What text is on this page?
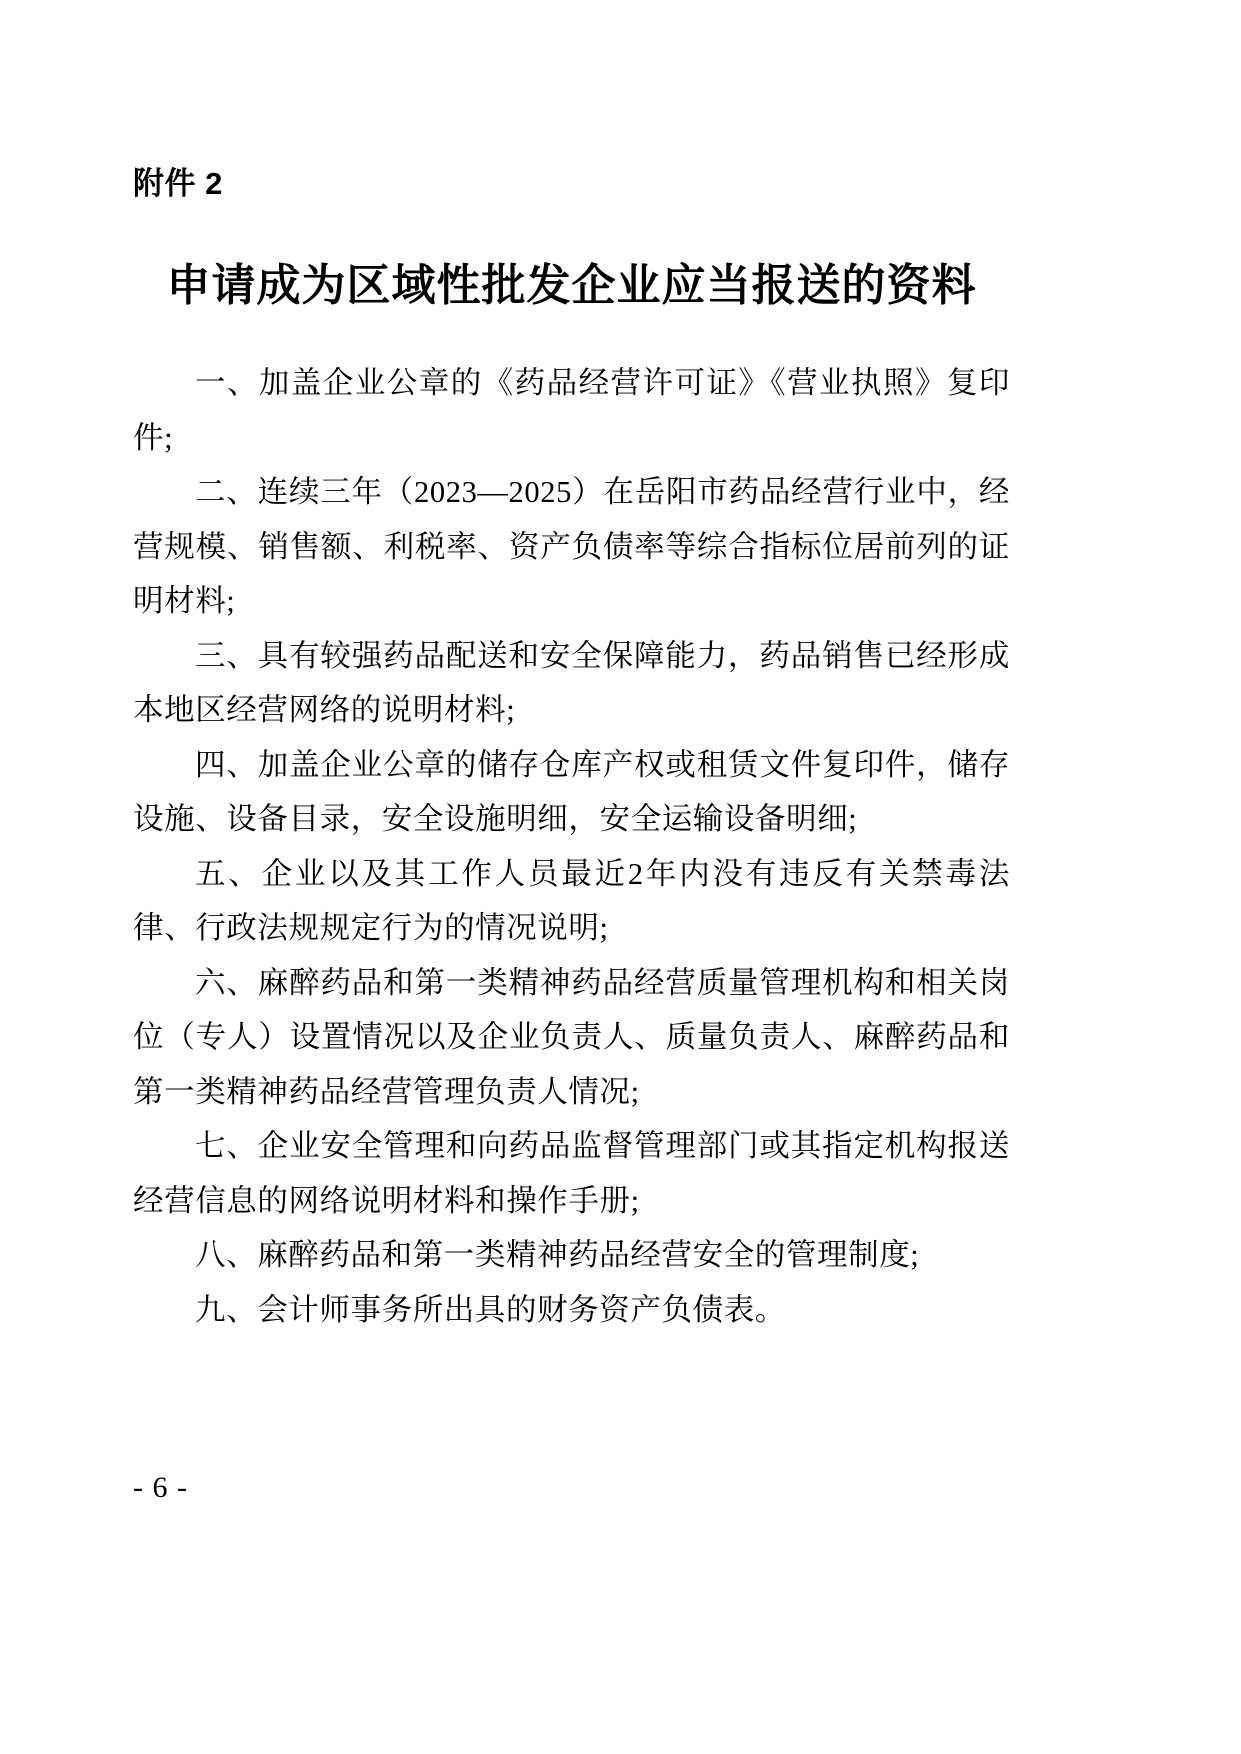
附件 2
申请成为区域性批发企业应当报送的资料

一、加盖企业公章的《药品经营许可证》《营业执照》复印件;

二、连续三年（2023—2025）在岳阳市药品经营行业中，经营规模、销售额、利税率、资产负债率等综合指标位居前列的证明材料;

三、具有较强药品配送和安全保障能力，药品销售已经形成本地区经营网络的说明材料;

四、加盖企业公章的储存仓库产权或租赁文件复印件，储存设施、设备目录，安全设施明细，安全运输设备明细;

五、企业以及其工作人员最近2年内没有违反有关禁毒法律、行政法规规定行为的情况说明;

六、麻醉药品和第一类精神药品经营质量管理机构和相关岗位（专人）设置情况以及企业负责人、质量负责人、麻醉药品和第一类精神药品经营管理负责人情况;

七、企业安全管理和向药品监督管理部门或其指定机构报送经营信息的网络说明材料和操作手册;

八、麻醉药品和第一类精神药品经营安全的管理制度;

九、会计师事务所出具的财务资产负债表。

- 6 -
